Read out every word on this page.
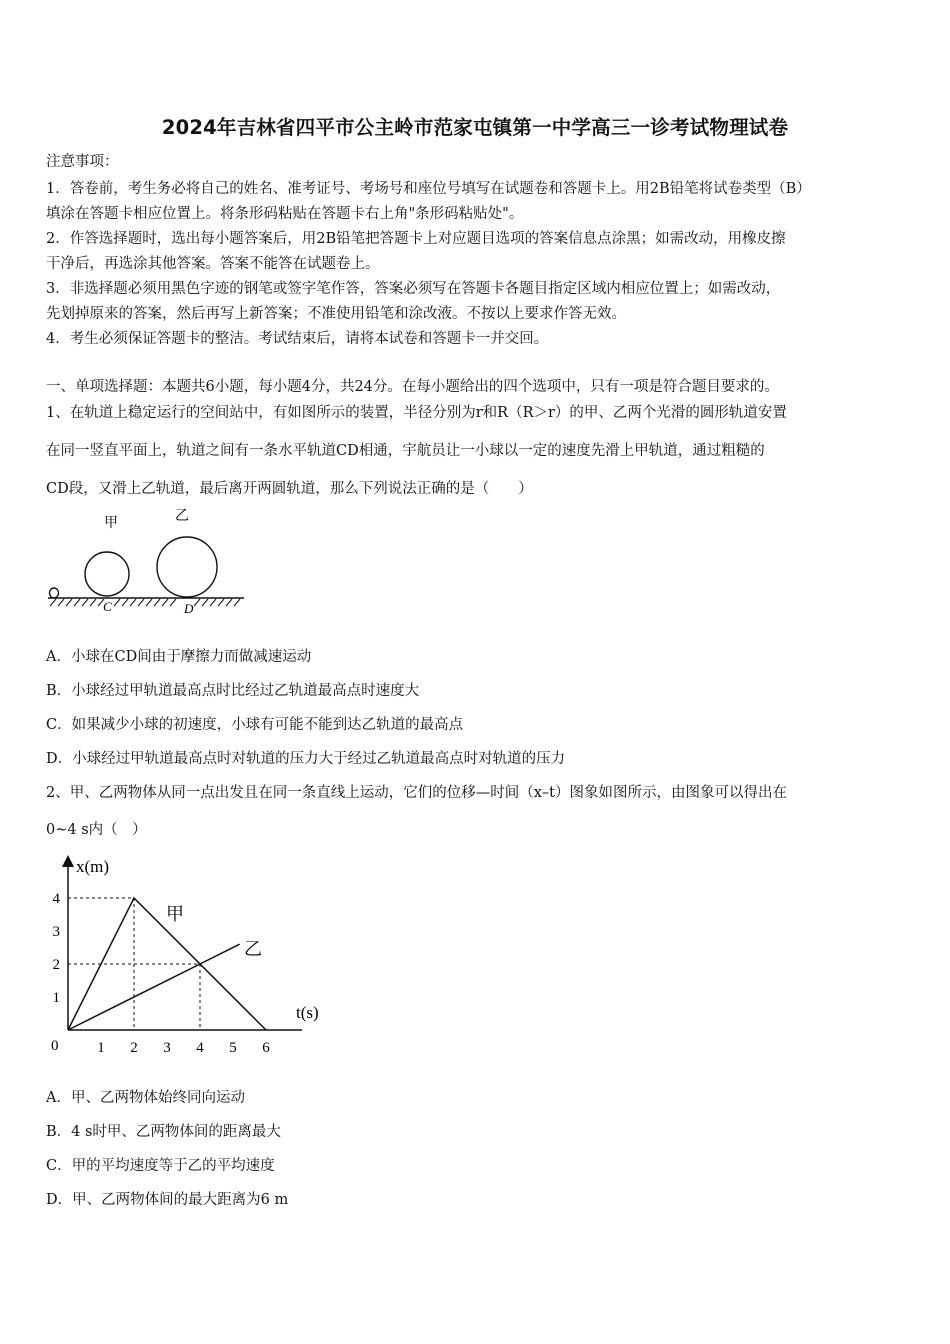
2024年吉林省四平市公主岭市范家屯镇第一中学高三一诊考试物理试卷
注意事项：
1．答卷前，考生务必将自己的姓名、准考证号、考场号和座位号填写在试题卷和答题卡上。用2B铅笔将试卷类型（B）
填涂在答题卡相应位置上。将条形码粘贴在答题卡右上角"条形码粘贴处"。
2．作答选择题时，选出每小题答案后，用2B铅笔把答题卡上对应题目选项的答案信息点涂黑；如需改动，用橡皮擦
干净后，再选涂其他答案。答案不能答在试题卷上。
3．非选择题必须用黑色字迹的钢笔或签字笔作答，答案必须写在答题卡各题目指定区域内相应位置上；如需改动，
先划掉原来的答案，然后再写上新答案；不准使用铅笔和涂改液。不按以上要求作答无效。
4．考生必须保证答题卡的整洁。考试结束后，请将本试卷和答题卡一并交回。
一、单项选择题：本题共6小题，每小题4分，共24分。在每小题给出的四个选项中，只有一项是符合题目要求的。
1、在轨道上稳定运行的空间站中，有如图所示的装置，半径分别为r和R（R＞r）的甲、乙两个光滑的圆形轨道安置
在同一竖直平面上，轨道之间有一条水平轨道CD相通，宇航员让一小球以一定的速度先滑上甲轨道，通过粗糙的
CD段，又滑上乙轨道，最后离开两圆轨道，那么下列说法正确的是（　　）
甲	乙
C	D
A．小球在CD间由于摩擦力而做减速运动
B．小球经过甲轨道最高点时比经过乙轨道最高点时速度大
C．如果减少小球的初速度，小球有可能不能到达乙轨道的最高点
D．小球经过甲轨道最高点时对轨道的压力大于经过乙轨道最高点时对轨道的压力
2、甲、乙两物体从同一点出发且在同一条直线上运动，它们的位移—时间（x–t）图象如图所示，由图象可以得出在
0~4 s内（　）
x(m)
t(s)
0	1 2 3 4 5 6
1
2
3
4
甲
乙
A．甲、乙两物体始终同向运动
B．4 s时甲、乙两物体间的距离最大
C．甲的平均速度等于乙的平均速度
D．甲、乙两物体间的最大距离为6 m
